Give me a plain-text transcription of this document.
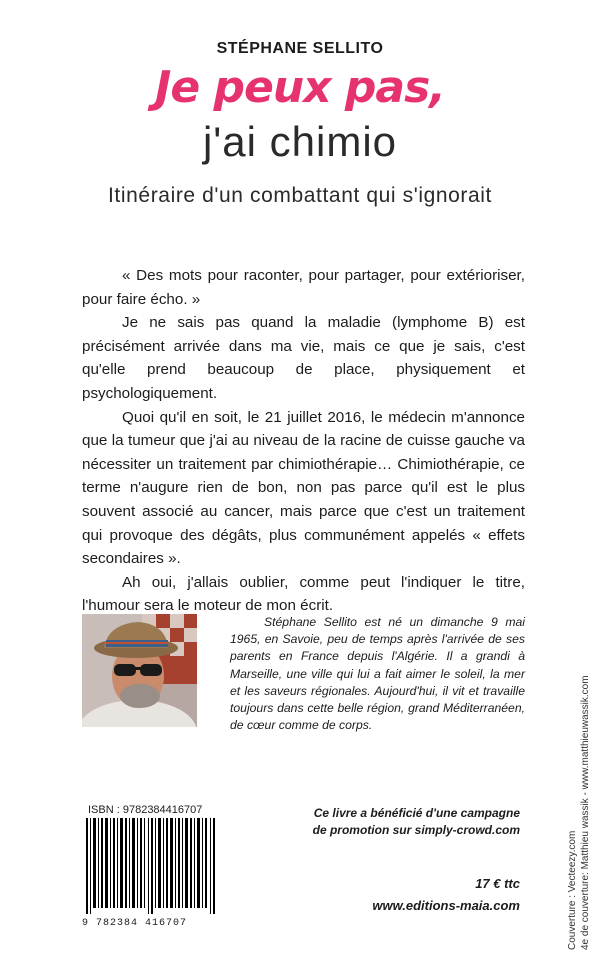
STÉPHANE SELLITO
Je peux pas,
j'ai chimio
Itinéraire d'un combattant qui s'ignorait

« Des mots pour raconter, pour partager, pour extérioriser, pour faire écho. »

Je ne sais pas quand la maladie (lymphome B) est précisément arrivée dans ma vie, mais ce que je sais, c'est qu'elle prend beaucoup de place, physiquement et psychologiquement.

Quoi qu'il en soit, le 21 juillet 2016, le médecin m'annonce que la tumeur que j'ai au niveau de la racine de cuisse gauche va nécessiter un traitement par chimiothérapie… Chimiothérapie, ce terme n'augure rien de bon, non pas parce qu'il est le plus souvent associé au cancer, mais parce que c'est un traitement qui provoque des dégâts, plus communément appelés « effets secondaires ».

Ah oui, j'allais oublier, comme peut l'indiquer le titre, l'humour sera le moteur de mon écrit.

Stéphane Sellito est né un dimanche 9 mai 1965, en Savoie, peu de temps après l'arrivée de ses parents en France depuis l'Algérie. Il a grandi à Marseille, une ville qui lui a fait aimer le soleil, la mer et les saveurs régionales. Aujourd'hui, il vit et travaille toujours dans cette belle région, grand Méditerranéen, de cœur comme de corps.

Couverture : Vecteezy.com 4e de couverture: Matthieu wassik - www.matthieuwassik.com
ISBN : 9782384416707
9 782384 416707
Ce livre a bénéficié d'une campagne
de promotion sur simply-crowd.com
17 € ttc
www.editions-maia.com
